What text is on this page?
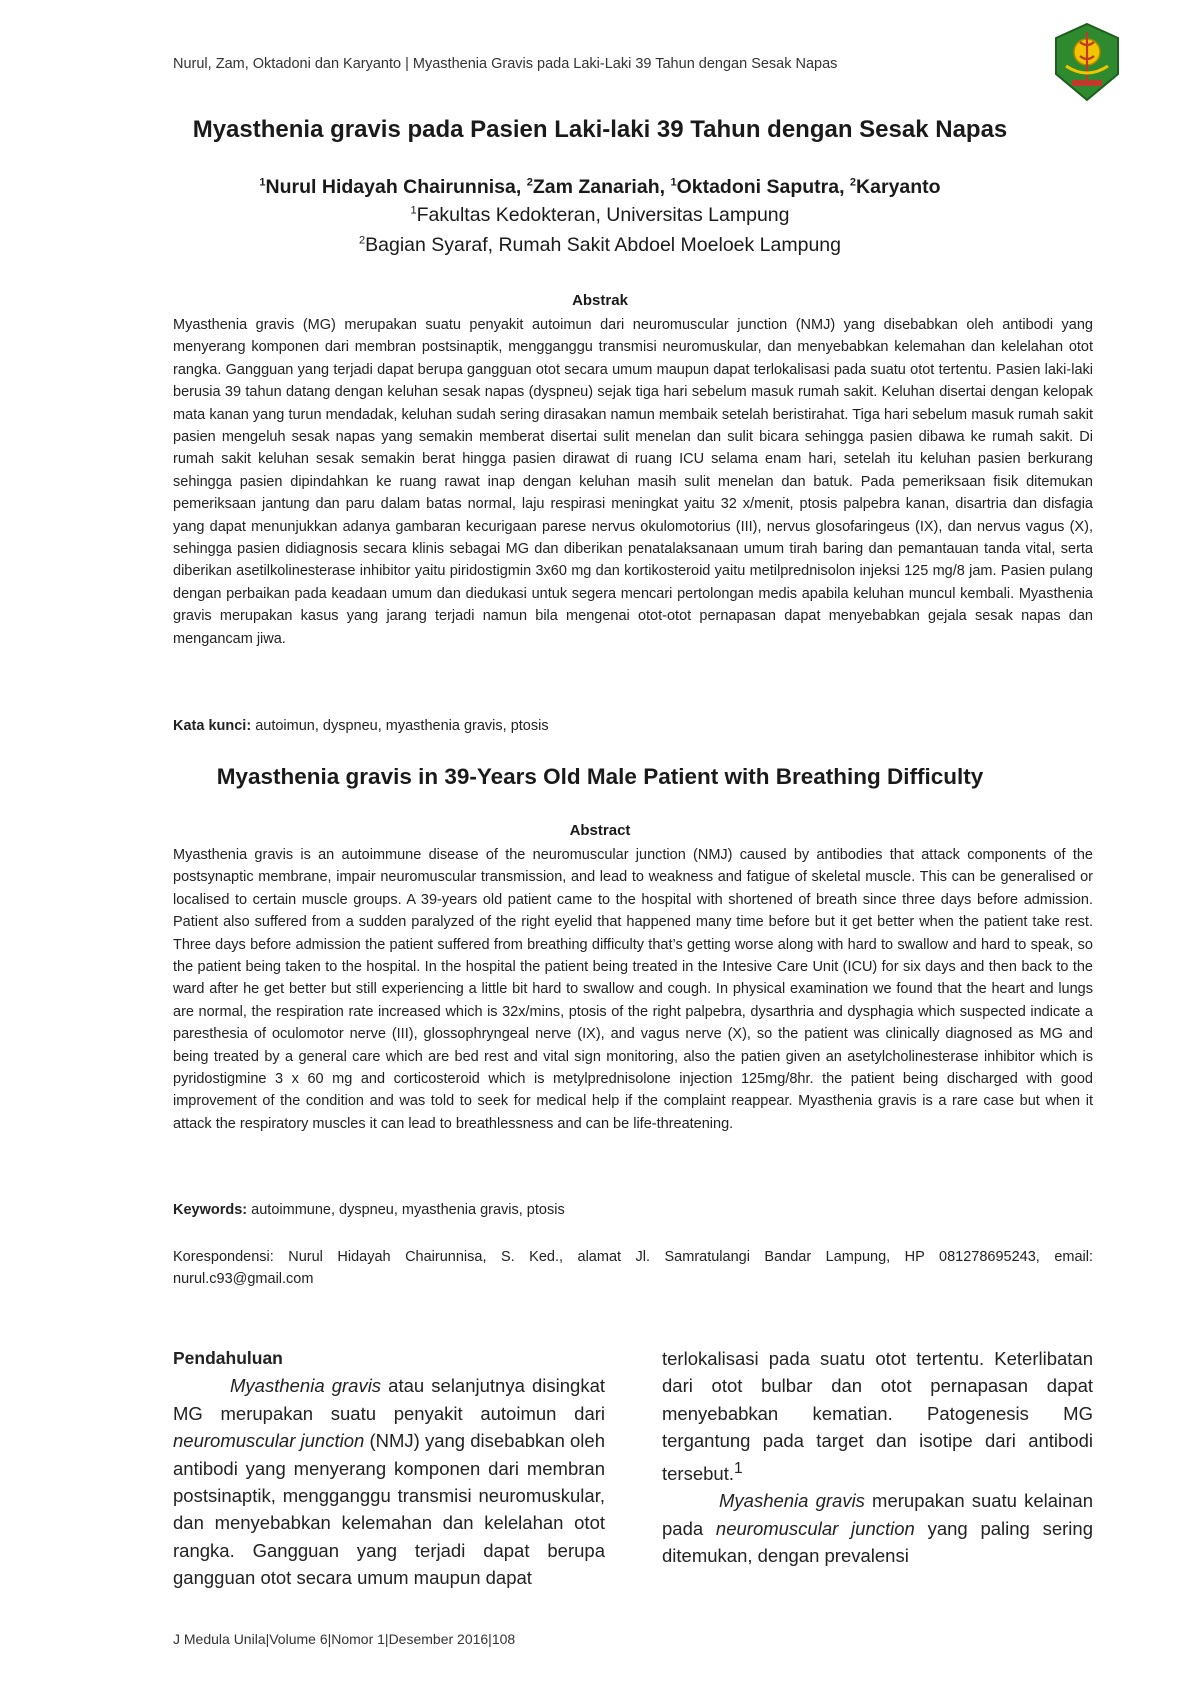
Nurul, Zam, Oktadoni dan Karyanto | Myasthenia Gravis pada Laki-Laki 39 Tahun dengan Sesak Napas
Myasthenia gravis pada Pasien Laki-laki 39 Tahun dengan Sesak Napas
$^1$Nurul Hidayah Chairunnisa, $^2$Zam Zanariah, $^1$Oktadoni Saputra, $^2$Karyanto
$^1$Fakultas Kedokteran, Universitas Lampung
$^2$Bagian Syaraf, Rumah Sakit Abdoel Moeloek Lampung
Abstrak
Myasthenia gravis (MG) merupakan suatu penyakit autoimun dari neuromuscular junction (NMJ) yang disebabkan oleh antibodi yang menyerang komponen dari membran postsinaptik, mengganggu transmisi neuromuskular, dan menyebabkan kelemahan dan kelelahan otot rangka. Gangguan yang terjadi dapat berupa gangguan otot secara umum maupun dapat terlokalisasi pada suatu otot tertentu. Pasien laki-laki berusia 39 tahun datang dengan keluhan sesak napas (dyspneu) sejak tiga hari sebelum masuk rumah sakit. Keluhan disertai dengan kelopak mata kanan yang turun mendadak, keluhan sudah sering dirasakan namun membaik setelah beristirahat. Tiga hari sebelum masuk rumah sakit pasien mengeluh sesak napas yang semakin memberat disertai sulit menelan dan sulit bicara sehingga pasien dibawa ke rumah sakit. Di rumah sakit keluhan sesak semakin berat hingga pasien dirawat di ruang ICU selama enam hari, setelah itu keluhan pasien berkurang sehingga pasien dipindahkan ke ruang rawat inap dengan keluhan masih sulit menelan dan batuk. Pada pemeriksaan fisik ditemukan pemeriksaan jantung dan paru dalam batas normal, laju respirasi meningkat yaitu 32 x/menit, ptosis palpebra kanan, disartria dan disfagia yang dapat menunjukkan adanya gambaran kecurigaan parese nervus okulomotorius (III), nervus glosofaringeus (IX), dan nervus vagus (X), sehingga pasien didiagnosis secara klinis sebagai MG dan diberikan penatalaksanaan umum tirah baring dan pemantauan tanda vital, serta diberikan asetilkolinesterase inhibitor yaitu piridostigmin 3x60 mg dan kortikosteroid yaitu metilprednisolon injeksi 125 mg/8 jam. Pasien pulang dengan perbaikan pada keadaan umum dan diedukasi untuk segera mencari pertolongan medis apabila keluhan muncul kembali. Myasthenia gravis merupakan kasus yang jarang terjadi namun bila mengenai otot-otot pernapasan dapat menyebabkan gejala sesak napas dan mengancam jiwa.
Kata kunci: autoimun, dyspneu, myasthenia gravis, ptosis
Myasthenia gravis in 39-Years Old Male Patient with Breathing Difficulty
Abstract
Myasthenia gravis is an autoimmune disease of the neuromuscular junction (NMJ) caused by antibodies that attack components of the postsynaptic membrane, impair neuromuscular transmission, and lead to weakness and fatigue of skeletal muscle. This can be generalised or localised to certain muscle groups. A 39-years old patient came to the hospital with shortened of breath since three days before admission. Patient also suffered from a sudden paralyzed of the right eyelid that happened many time before but it get better when the patient take rest. Three days before admission the patient suffered from breathing difficulty that’s getting worse along with hard to swallow and hard to speak, so the patient being taken to the hospital. In the hospital the patient being treated in the Intesive Care Unit (ICU) for six days and then back to the ward after he get better but still experiencing a little bit hard to swallow and cough. In physical examination we found that the heart and lungs are normal, the respiration rate increased which is 32x/mins, ptosis of the right palpebra, dysarthria and dysphagia which suspected indicate a paresthesia of oculomotor nerve (III), glossophryngeal nerve (IX), and vagus nerve (X), so the patient was clinically diagnosed as MG and being treated by a general care which are bed rest and vital sign monitoring, also the patien given an asetylcholinesterase inhibitor which is pyridostigmine 3 x 60 mg and corticosteroid which is metylprednisolone injection 125mg/8hr. the patient being discharged with good improvement of the condition and was told to seek for medical help if the complaint reappear. Myasthenia gravis is a rare case but when it attack the respiratory muscles it can lead to breathlessness and can be life-threatening.
Keywords: autoimmune, dyspneu, myasthenia gravis, ptosis
Korespondensi: Nurul Hidayah Chairunnisa, S. Ked., alamat Jl. Samratulangi Bandar Lampung, HP 081278695243, email: nurul.c93@gmail.com

Pendahuluan

Myasthenia gravis atau selanjutnya disingkat MG merupakan suatu penyakit autoimun dari neuromuscular junction (NMJ) yang disebabkan oleh antibodi yang menyerang komponen dari membran postsinaptik, mengganggu transmisi neuromuskular, dan menyebabkan kelemahan dan kelelahan otot rangka. Gangguan yang terjadi dapat berupa gangguan otot secara umum maupun dapat

terlokalisasi pada suatu otot tertentu. Keterlibatan dari otot bulbar dan otot pernapasan dapat menyebabkan kematian. Patogenesis MG tergantung pada target dan isotipe dari antibodi tersebut.$^1$

Myashenia gravis merupakan suatu kelainan pada neuromuscular junction yang paling sering ditemukan, dengan prevalensi

J Medula Unila|Volume 6|Nomor 1|Desember 2016|108
